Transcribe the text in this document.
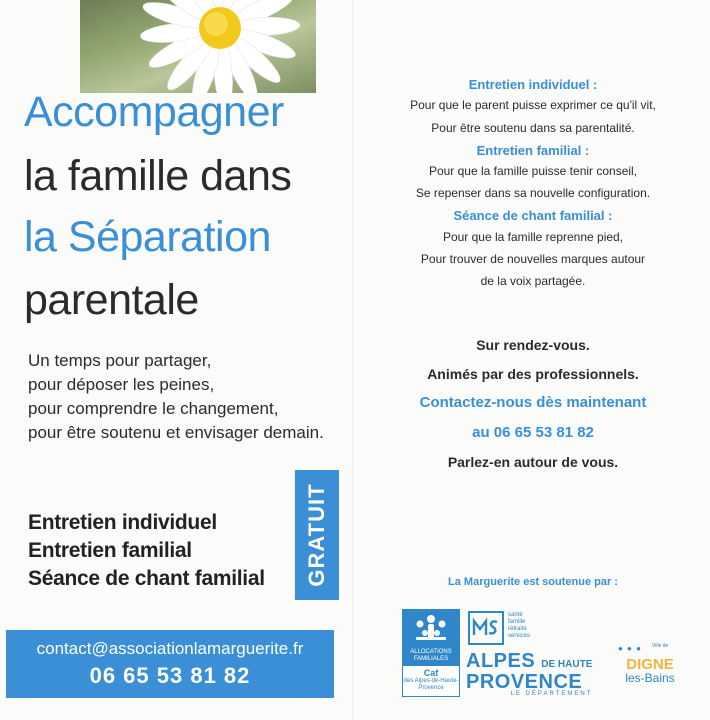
Accompagner
la famille dans
la Séparation
parentale
Un temps pour partager,
pour déposer les peines,
pour comprendre le changement,
pour être soutenu et envisager demain.
Entretien individuel
Entretien familial
Séance de chant familial GRATUIT
contact@associationlamarguerite.fr
06 65 53 81 82
Entretien individuel :
Pour que le parent puisse exprimer ce qu'il vit,
Pour être soutenu dans sa parentalité.
Entretien familial :
Pour que la famille puisse tenir conseil,
Se repenser dans sa nouvelle configuration.
Séance de chant familial :
Pour que la famille reprenne pied,
Pour trouver de nouvelles marques autour
de la voix partagée.
Sur rendez-vous.
Animés par des professionnels.
Contactez-nous dès maintenant
au 06 65 53 81 82
Parlez-en autour de vous.
La Marguerite est soutenue par :
ALLOCATIONS FAMILIALES
Caf
des Alpes-de-Haute-Provence
santé
famille
retraite
services
ALPES DE HAUTE
PROVENCE
LE DÉPARTEMENT
● ● ●	Ville de
DIGNE
les-Bains
